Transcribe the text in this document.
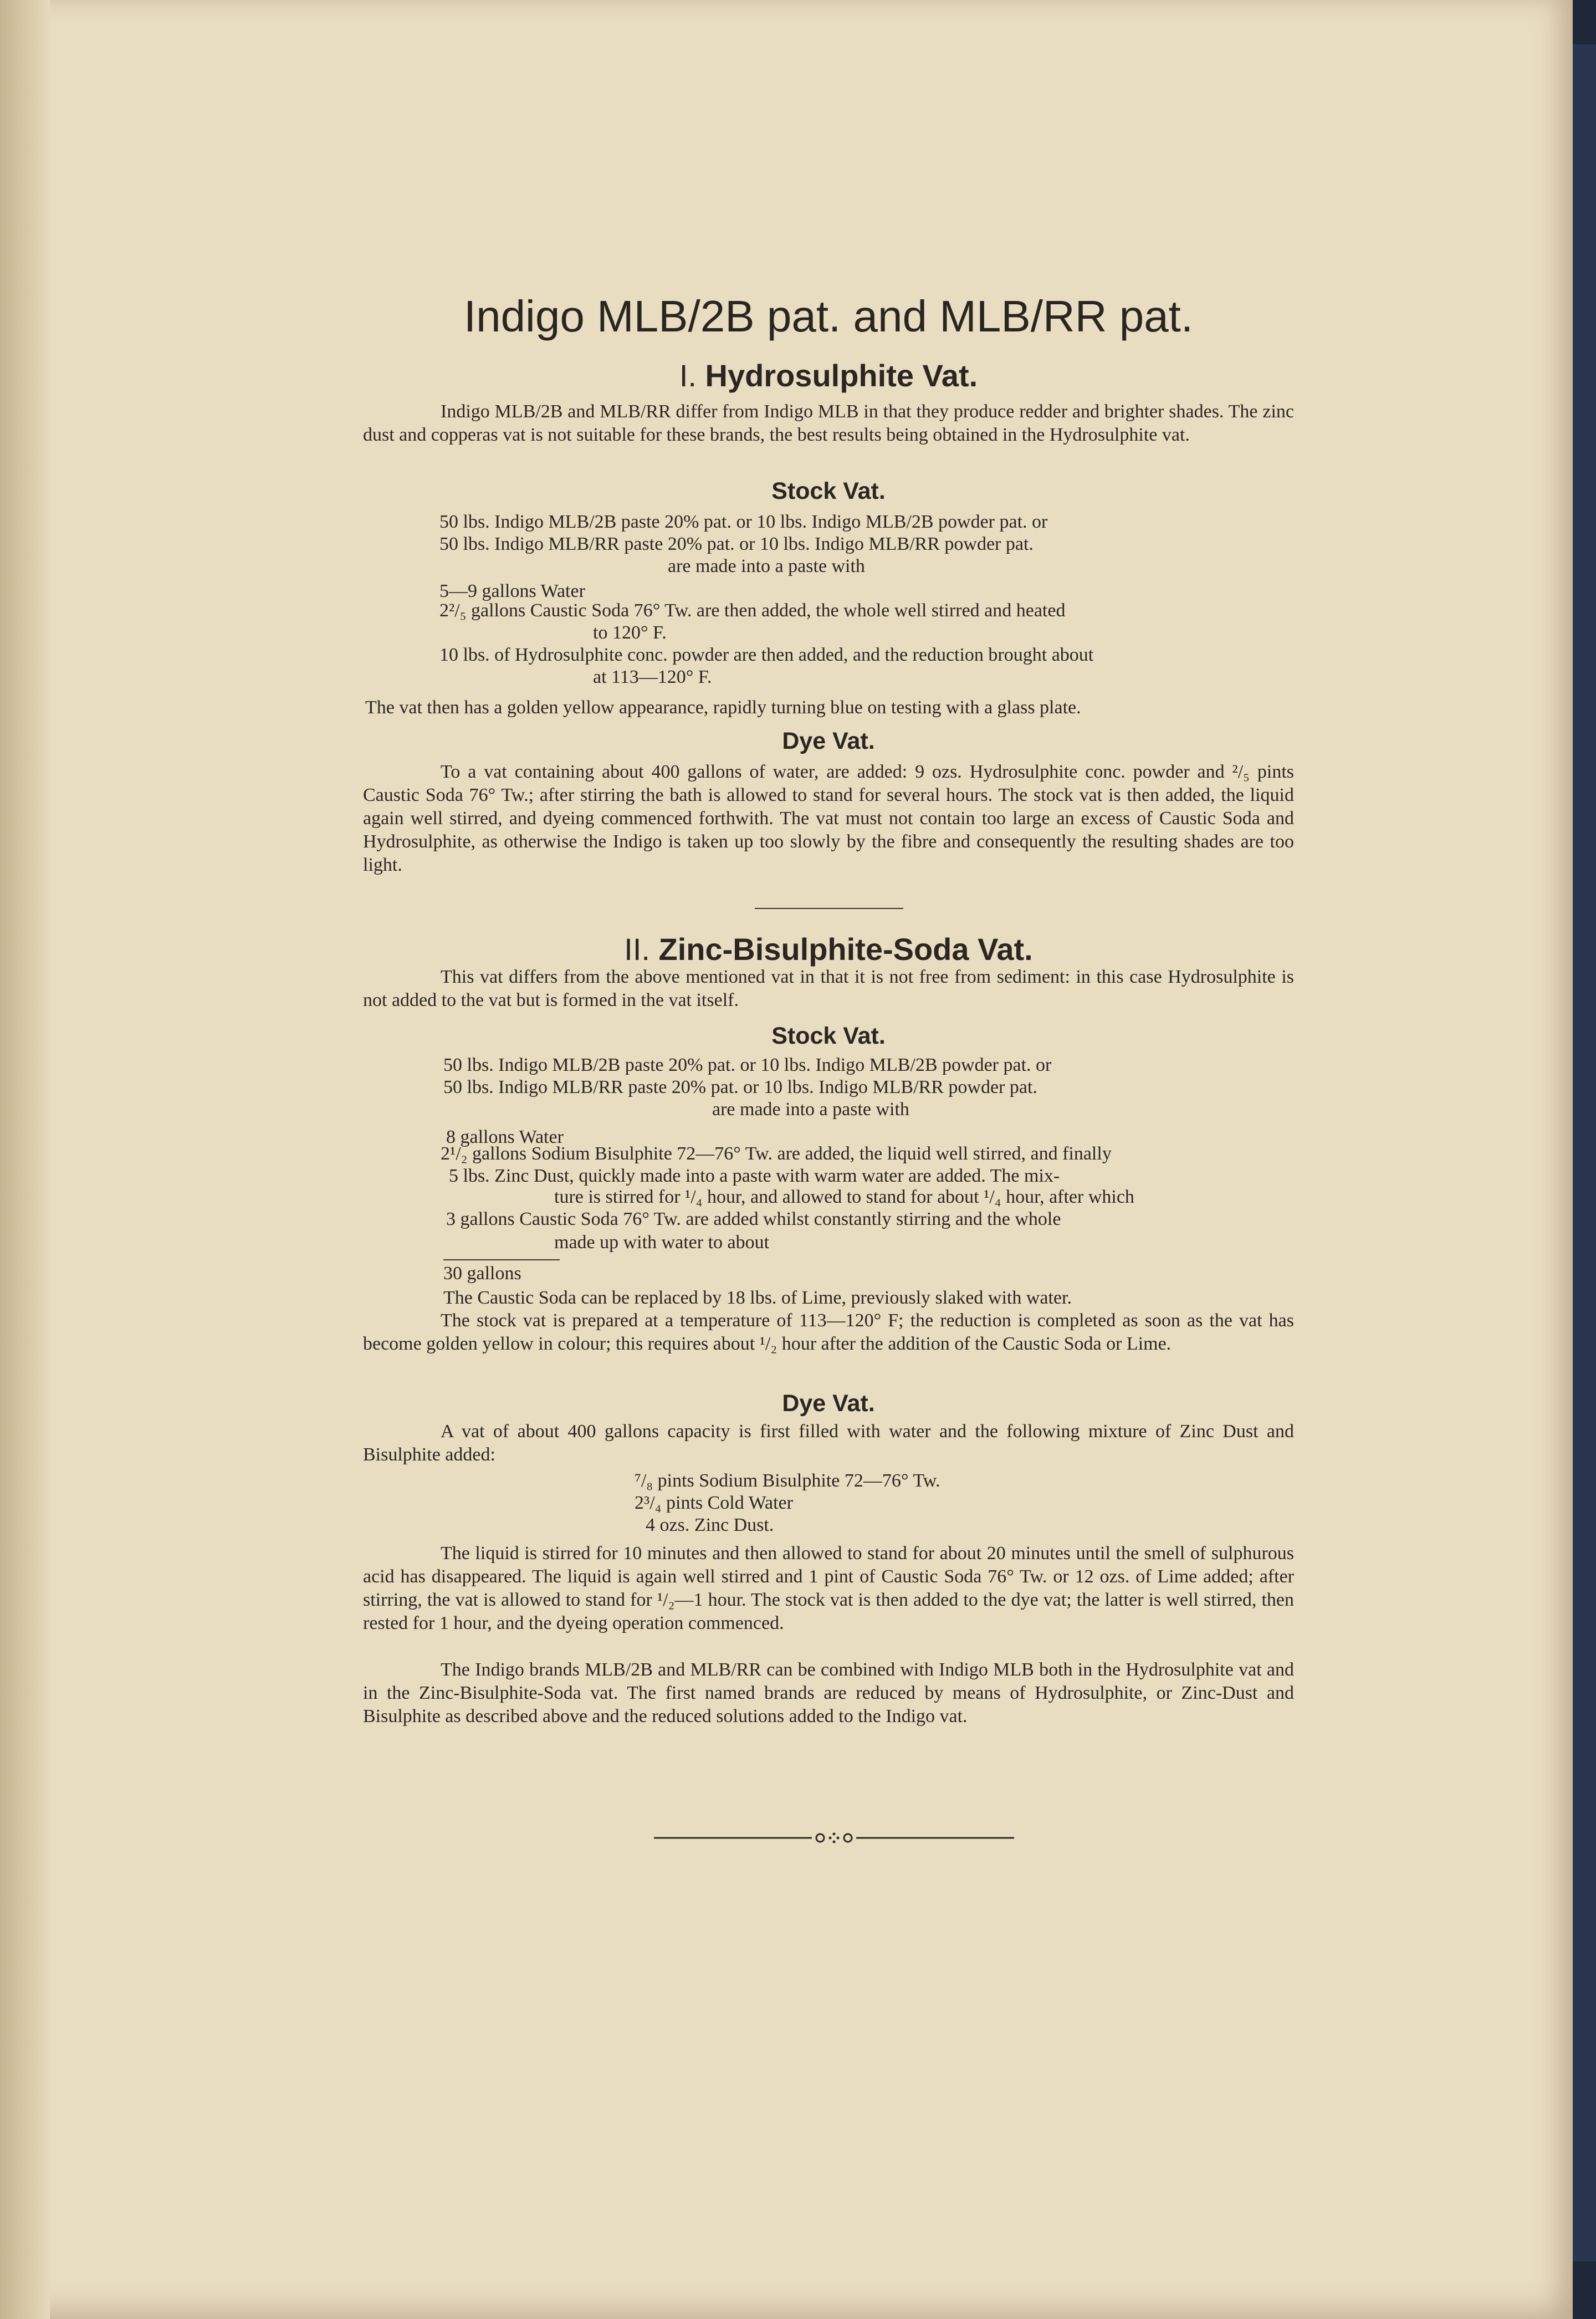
Indigo MLB/2B pat. and MLB/RR pat.
I. Hydrosulphite Vat.
Indigo MLB/2B and MLB/RR differ from Indigo MLB in that they produce redder and brighter shades. The zinc dust and copperas vat is not suitable for these brands, the best results being obtained in the Hydrosulphite vat.
Stock Vat.
50 lbs. Indigo MLB/2B paste 20% pat. or 10 lbs. Indigo MLB/2B powder pat. or
50 lbs. Indigo MLB/RR paste 20% pat. or 10 lbs. Indigo MLB/RR powder pat.
are made into a paste with
5—9 gallons Water
2²/₅ gallons Caustic Soda 76° Tw. are then added, the whole well stirred and heated
to 120° F.
10 lbs. of Hydrosulphite conc. powder are then added, and the reduction brought about
at 113—120° F.
The vat then has a golden yellow appearance, rapidly turning blue on testing with a glass plate.
Dye Vat.
To a vat containing about 400 gallons of water, are added: 9 ozs. Hydrosulphite conc. powder and ²/₅ pints Caustic Soda 76° Tw.; after stirring the bath is allowed to stand for several hours. The stock vat is then added, the liquid again well stirred, and dyeing commenced forthwith. The vat must not contain too large an excess of Caustic Soda and Hydrosulphite, as otherwise the Indigo is taken up too slowly by the fibre and consequently the resulting shades are too light.
II. Zinc-Bisulphite-Soda Vat.
This vat differs from the above mentioned vat in that it is not free from sediment: in this case Hydrosulphite is not added to the vat but is formed in the vat itself.
Stock Vat.
50 lbs. Indigo MLB/2B paste 20% pat. or 10 lbs. Indigo MLB/2B powder pat. or
50 lbs. Indigo MLB/RR paste 20% pat. or 10 lbs. Indigo MLB/RR powder pat.
are made into a paste with
8 gallons Water
2¹/₂ gallons Sodium Bisulphite 72—76° Tw. are added, the liquid well stirred, and finally
5 lbs. Zinc Dust, quickly made into a paste with warm water are added. The mix-
ture is stirred for ¹/₄ hour, and allowed to stand for about ¹/₄ hour, after which
3 gallons Caustic Soda 76° Tw. are added whilst constantly stirring and the whole
made up with water to about
30 gallons
The Caustic Soda can be replaced by 18 lbs. of Lime, previously slaked with water.
The stock vat is prepared at a temperature of 113—120° F; the reduction is completed as soon as the vat has become golden yellow in colour; this requires about ¹/₂ hour after the addition of the Caustic Soda or Lime.
Dye Vat.
A vat of about 400 gallons capacity is first filled with water and the following mixture of Zinc Dust and Bisulphite added:
⁷/₈ pints Sodium Bisulphite 72—76° Tw.
2³/₄ pints Cold Water
4 ozs. Zinc Dust.
The liquid is stirred for 10 minutes and then allowed to stand for about 20 minutes until the smell of sulphurous acid has disappeared. The liquid is again well stirred and 1 pint of Caustic Soda 76° Tw. or 12 ozs. of Lime added; after stirring, the vat is allowed to stand for ¹/₂—1 hour. The stock vat is then added to the dye vat; the latter is well stirred, then rested for 1 hour, and the dyeing operation commenced.
The Indigo brands MLB/2B and MLB/RR can be combined with Indigo MLB both in the Hydrosulphite vat and in the Zinc-Bisulphite-Soda vat. The first named brands are reduced by means of Hydrosulphite, or Zinc-Dust and Bisulphite as described above and the reduced solutions added to the Indigo vat.
